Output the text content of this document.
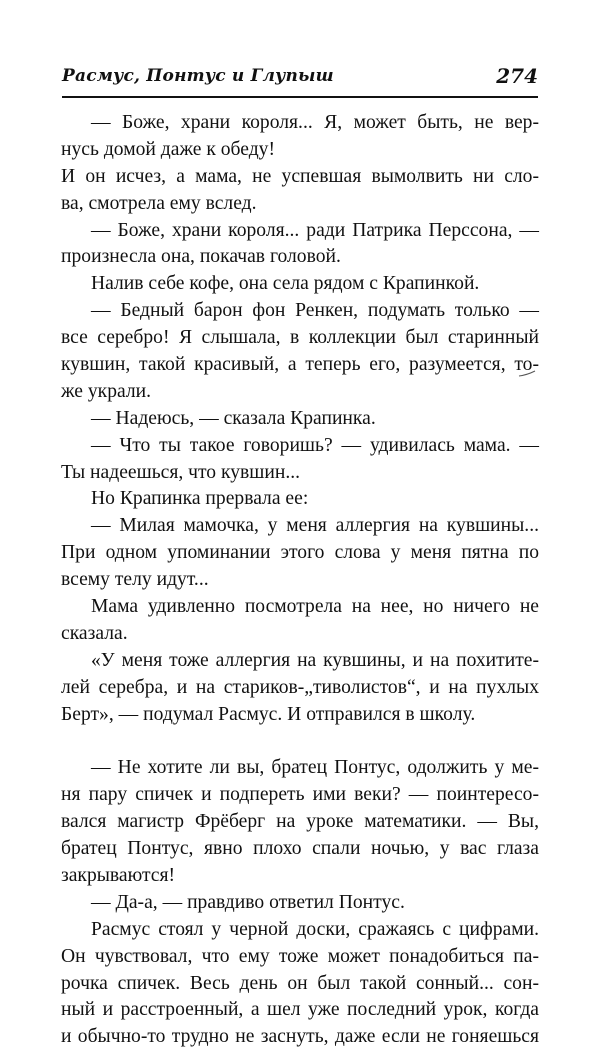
Расмус, Понтус и Глупыш	274
— Боже, храни короля... Я, может быть, не вер-
нусь домой даже к обеду!
И он исчез, а мама, не успевшая вымолвить ни сло-
ва, смотрела ему вслед.
— Боже, храни короля... ради Патрика Перссона, —
произнесла она, покачав головой.
Налив себе кофе, она села рядом с Крапинкой.
— Бедный барон фон Ренкен, подумать только —
все серебро! Я слышала, в коллекции был старинный
кувшин, такой красивый, а теперь его, разумеется, то-
же украли.
— Надеюсь, — сказала Крапинка.
— Что ты такое говоришь? — удивилась мама. —
Ты надеешься, что кувшин...
Но Крапинка прервала ее:
— Милая мамочка, у меня аллергия на кувшины...
При одном упоминании этого слова у меня пятна по
всему телу идут...
Мама удивленно посмотрела на нее, но ничего не
сказала.
«У меня тоже аллергия на кувшины, и на похитите-
лей серебра, и на стариков-„тиволистов“, и на пухлых
Берт», — подумал Расмус. И отправился в школу.
— Не хотите ли вы, братец Понтус, одолжить у ме-
ня пару спичек и подпереть ими веки? — поинтересо-
вался магистр Фрёберг на уроке математики. — Вы,
братец Понтус, явно плохо спали ночью, у вас глаза
закрываются!
— Да-а, — правдиво ответил Понтус.
Расмус стоял у черной доски, сражаясь с цифрами.
Он чувствовал, что ему тоже может понадобиться па-
рочка спичек. Весь день он был такой сонный... сон-
ный и расстроенный, а шел уже последний урок, когда
и обычно-то трудно не заснуть, даже если не гоняешься
